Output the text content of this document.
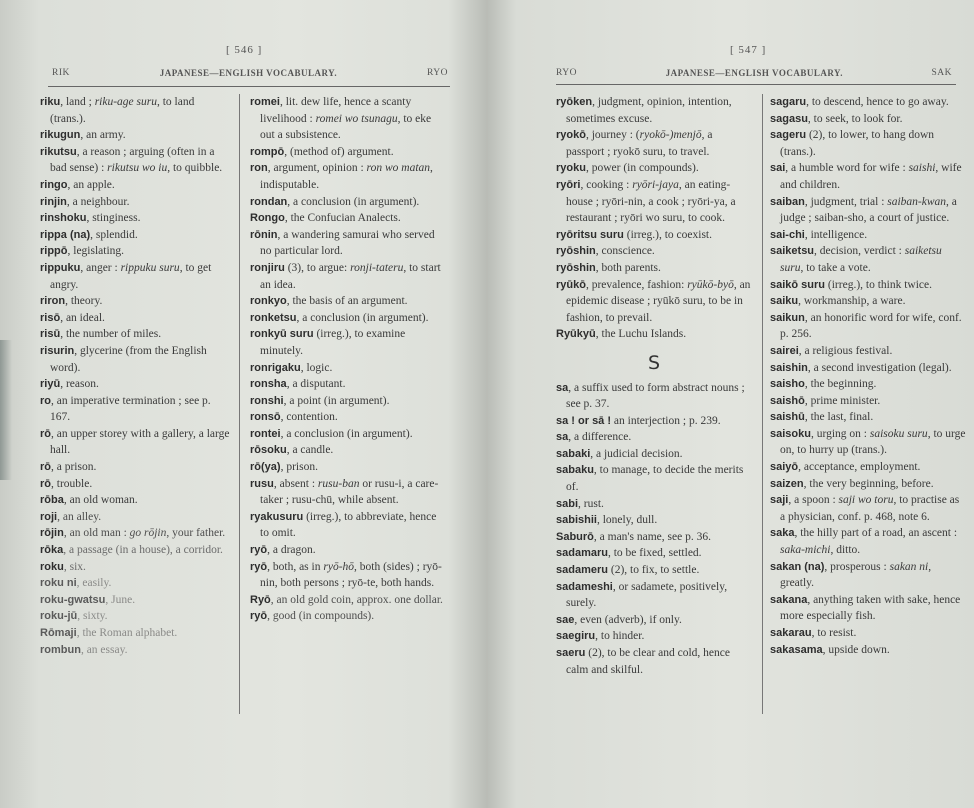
[ 546 ]
RIK	JAPANESE—ENGLISH VOCABULARY.	RYO
riku, land ; riku-age suru, to land (trans.).
rikugun, an army.
rikutsu, a reason ; arguing (often in a bad sense) : rikutsu wo iu, to quibble.
ringo, an apple.
rinjin, a neighbour.
rinshoku, stinginess.
rippa (na), splendid.
rippō, legislating.
rippuku, anger : rippuku suru, to get angry.
riron, theory.
risō, an ideal.
risū, the number of miles.
risurin, glycerine (from the English word).
riyū, reason.
ro, an imperative termination ; see p. 167.
rō, an upper storey with a gallery, a large hall.
rō, a prison.
rō, trouble.
rōba, an old woman.
roji, an alley.
rōjin, an old man : go rōjin, your father.
rōka, a passage (in a house), a corridor.
roku, six.
roku ni, easily.
roku-gwatsu, June.
roku-jū, sixty.
Rōmaji, the Roman alphabet.
rombun, an essay.
romei, lit. dew life, hence a scanty livelihood : romei wo tsunagu, to eke out a subsistence.
rompō, (method of) argument.
ron, argument, opinion : ron wo matan, indisputable.
rondan, a conclusion (in argument).
Rongo, the Confucian Analects.
rōnin, a wandering samurai who served no particular lord.
ronjiru (3), to argue: ronji-tateru, to start an idea.
ronkyo, the basis of an argument.
ronketsu, a conclusion (in argument).
ronkyū suru (irreg.), to examine minutely.
ronrigaku, logic.
ronsha, a disputant.
ronshi, a point (in argument).
ronsō, contention.
rontei, a conclusion (in argument).
rōsoku, a candle.
rō(ya), prison.
rusu, absent : rusu-ban or rusu-i, a care-taker ; rusu-chū, while absent.
ryakusuru (irreg.), to abbreviate, hence to omit.
ryō, a dragon.
ryō, both, as in ryō-hō, both (sides) ; ryō-nin, both persons ; ryō-te, both hands.
Ryō, an old gold coin, approx. one dollar.
ryō, good (in compounds).
[ 547 ]
RYO	JAPANESE—ENGLISH VOCABULARY.	SAK
ryōken, judgment, opinion, intention, sometimes excuse.
ryokō, journey : (ryokō-)menjō, a passport ; ryokō suru, to travel.
ryoku, power (in compounds).
ryōri, cooking : ryōri-jaya, an eating-house ; ryōri-nin, a cook ; ryōri-ya, a restaurant ; ryōri wo suru, to cook.
ryōritsu suru (irreg.), to coexist.
ryōshin, conscience.
ryōshin, both parents.
ryūkō, prevalence, fashion: ryūkō-byō, an epidemic disease ; ryūkō suru, to be in fashion, to prevail.
Ryūkyū, the Luchu Islands.
S
sa, a suffix used to form abstract nouns ; see p. 37.
sa ! or sā ! an interjection ; p. 239.
sa, a difference.
sabaki, a judicial decision.
sabaku, to manage, to decide the merits of.
sabi, rust.
sabishii, lonely, dull.
Saburō, a man's name, see p. 36.
sadamaru, to be fixed, settled.
sadameru (2), to fix, to settle.
sadameshi, or sadamete, positively, surely.
sae, even (adverb), if only.
saegiru, to hinder.
saeru (2), to be clear and cold, hence calm and skilful.
sagaru, to descend, hence to go away.
sagasu, to seek, to look for.
sageru (2), to lower, to hang down (trans.).
sai, a humble word for wife : saishi, wife and children.
saiban, judgment, trial : saiban-kwan, a judge ; saiban-sho, a court of justice.
sai-chi, intelligence.
saiketsu, decision, verdict : saiketsu suru, to take a vote.
saikō suru (irreg.), to think twice.
saiku, workmanship, a ware.
saikun, an honorific word for wife, conf. p. 256.
sairei, a religious festival.
saishin, a second investigation (legal).
saisho, the beginning.
saishō, prime minister.
saishū, the last, final.
saisoku, urging on : saisoku suru, to urge on, to hurry up (trans.).
saiyō, acceptance, employment.
saizen, the very beginning, before.
saji, a spoon : saji wo toru, to practise as a physician, conf. p. 468, note 6.
saka, the hilly part of a road, an ascent : saka-michi, ditto.
sakan (na), prosperous : sakan ni, greatly.
sakana, anything taken with sake, hence more especially fish.
sakarau, to resist.
sakasama, upside down.
